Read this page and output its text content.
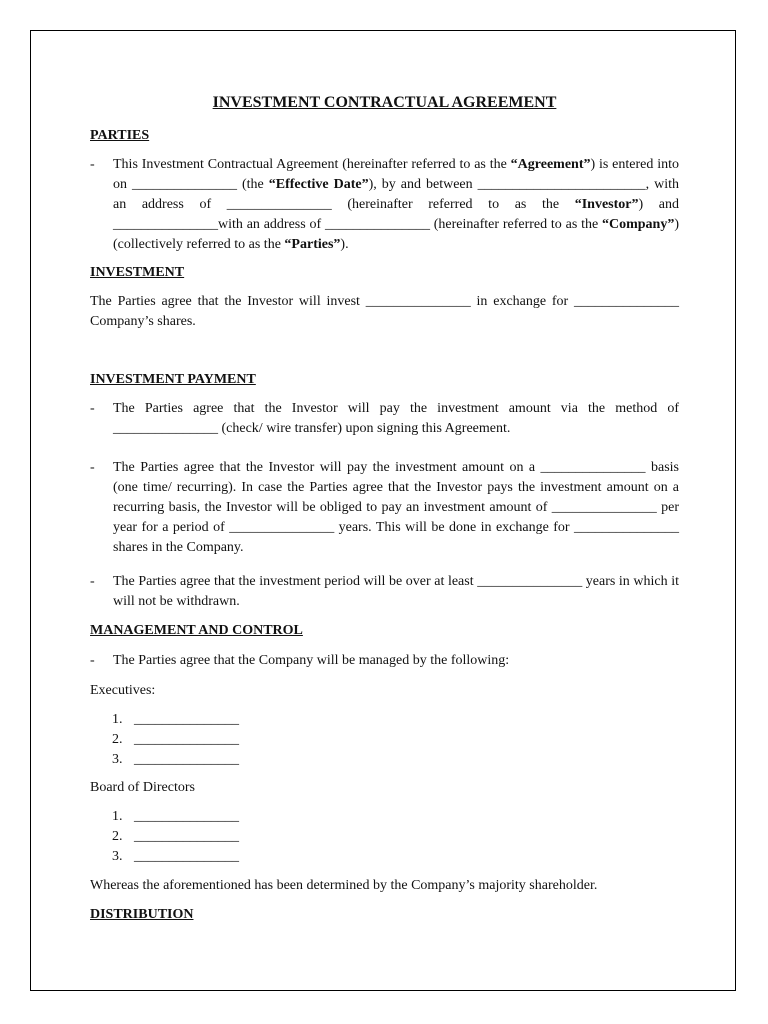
INVESTMENT CONTRACTUAL AGREEMENT
PARTIES
- This Investment Contractual Agreement (hereinafter referred to as the “Agreement”) is entered into on _______________ (the “Effective Date”), by and between ________________________, with an address of _______________ (hereinafter referred to as the “Investor”) and _______________with an address of _______________ (hereinafter referred to as the “Company”) (collectively referred to as the “Parties”).
INVESTMENT

The Parties agree that the Investor will invest _______________ in exchange for _______________ Company’s shares.

INVESTMENT PAYMENT
- The Parties agree that the Investor will pay the investment amount via the method of _______________ (check/ wire transfer) upon signing this Agreement.
- The Parties agree that the Investor will pay the investment amount on a _______________ basis (one time/ recurring). In case the Parties agree that the Investor pays the investment amount on a recurring basis, the Investor will be obliged to pay an investment amount of _______________ per year for a period of _______________ years. This will be done in exchange for _______________ shares in the Company.
- The Parties agree that the investment period will be over at least _______________ years in which it will not be withdrawn.
MANAGEMENT AND CONTROL
- The Parties agree that the Company will be managed by the following:

Executives:

1. _______________
2. _______________
3. _______________

Board of Directors

1. _______________
2. _______________
3. _______________

Whereas the aforementioned has been determined by the Company’s majority shareholder.

DISTRIBUTION
